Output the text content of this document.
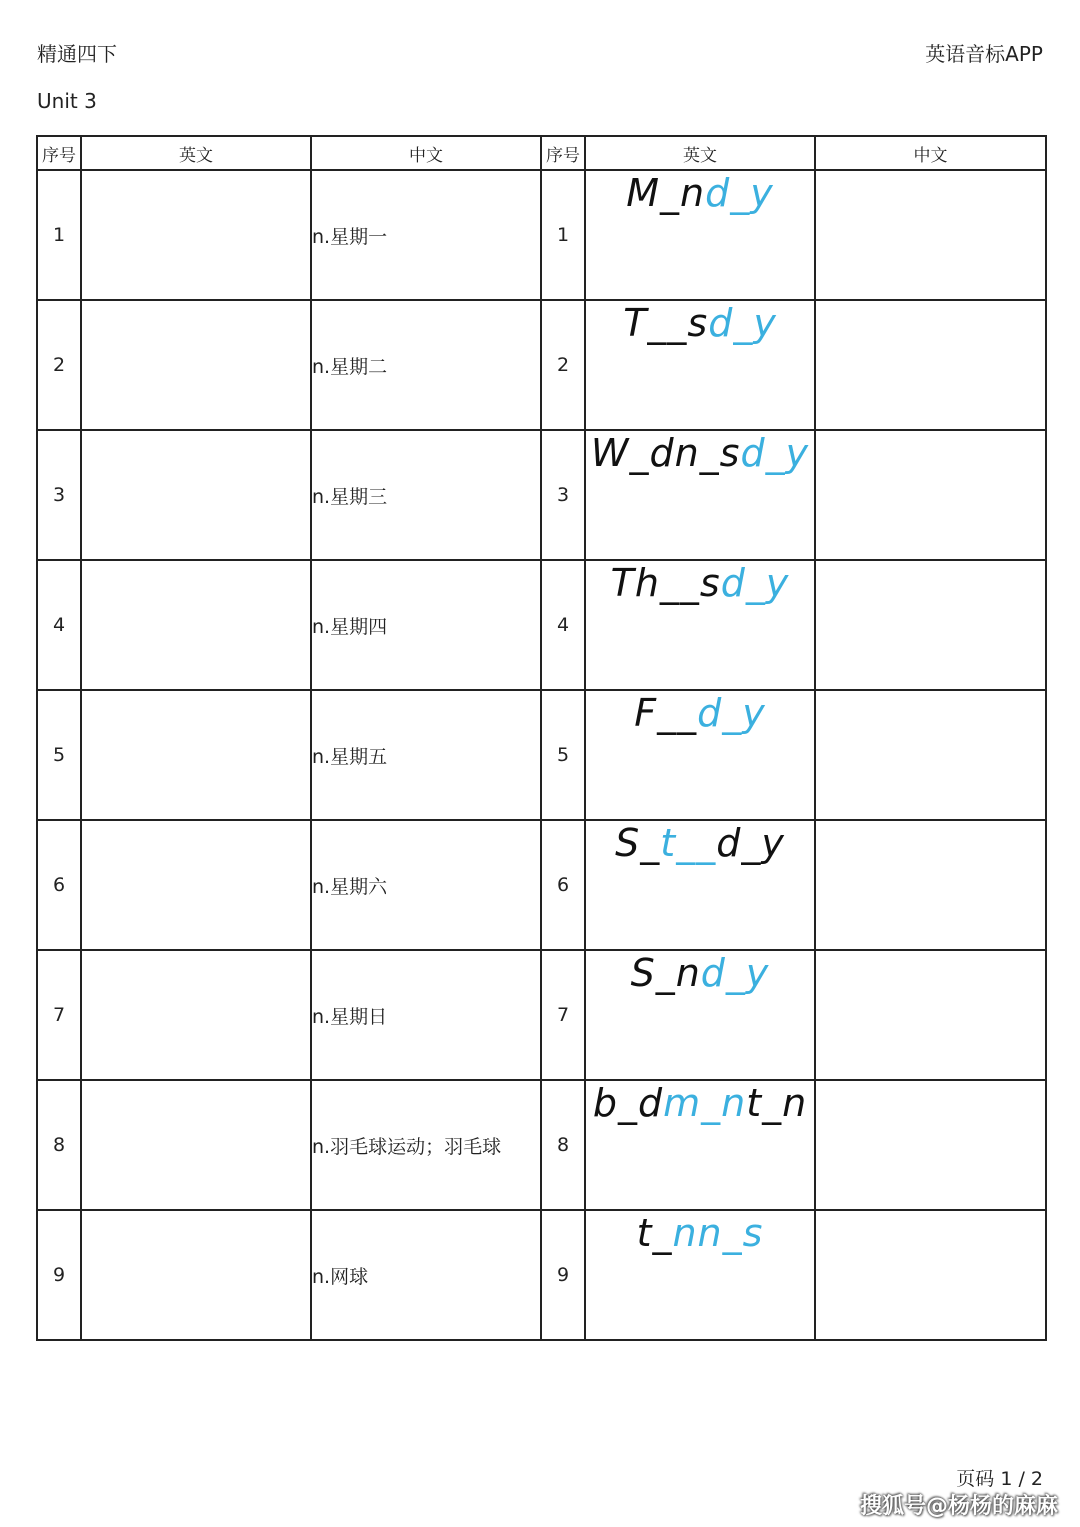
精通四下	英语音标APP
Unit 3
序号	英文	中文	序号	英文	中文
1		n.星期一	1	M_nd_y	
2		n.星期二	2	T__sd_y	
3		n.星期三	3	W_dn_sd_y	
4		n.星期四	4	Th__sd_y	
5		n.星期五	5	F__d_y	
6		n.星期六	6	S_t__d_y	
7		n.星期日	7	S_nd_y	
8		n.羽毛球运动；羽毛球	8	b_dm_nt_n	
9		n.网球	9	t_nn_s	
页码 1 / 2
搜狐号@杨杨的麻麻
